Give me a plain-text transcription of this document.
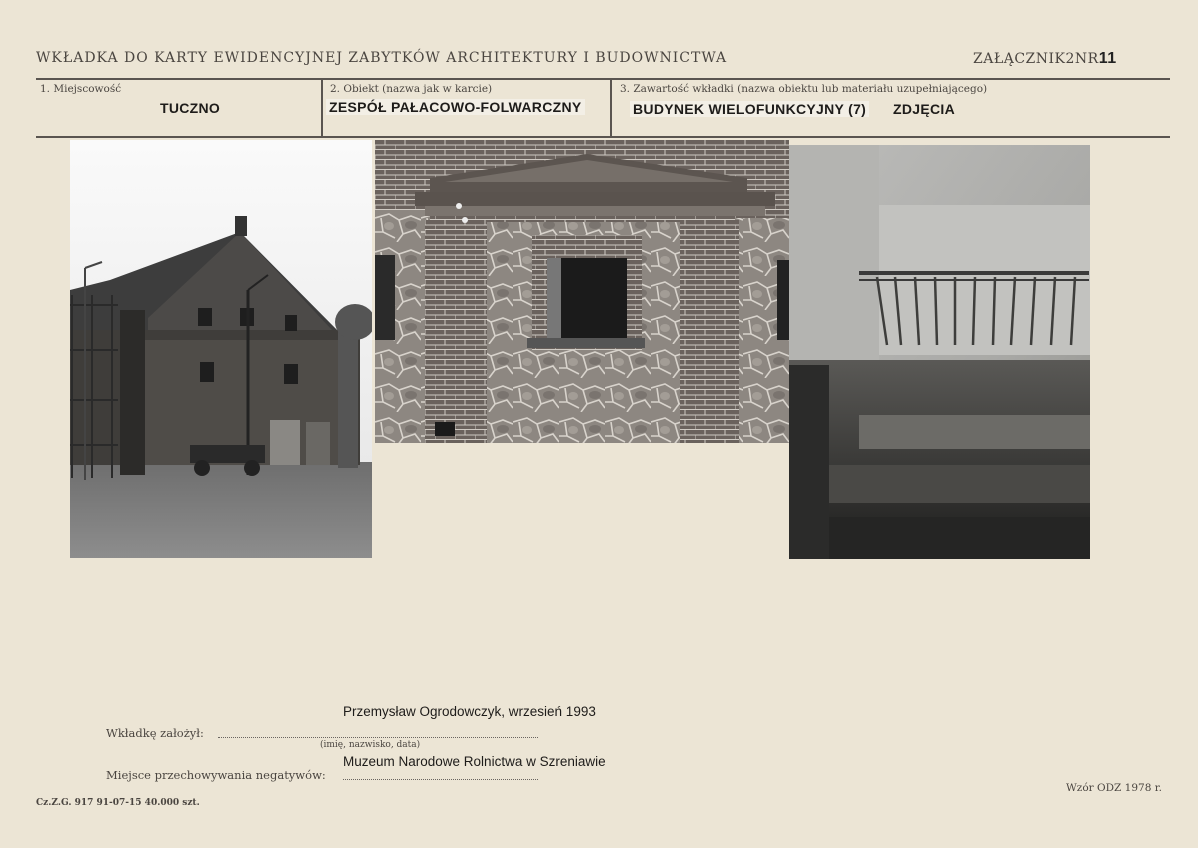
WKŁADKA DO KARTY EWIDENCYJNEJ ZABYTKÓW ARCHITEKTURY I BUDOWNICTWA	ZAŁĄCZNIK2NR11
1. Miejscowość
TUCZNO
2. Obiekt (nazwa jak w karcie)
ZESPÓŁ PAŁACOWO-FOLWARCZNY
3. Zawartość wkładki (nazwa obiektu lub materiału uzupełniającego)
BUDYNEK WIELOFUNKCYJNY (7) ZDJĘCIA
Przemysław Ogrodowczyk, wrzesień 1993
Wkładkę założył:
(imię, nazwisko, data)
Muzeum Narodowe Rolnictwa w Szreniawie
Miejsce przechowywania negatywów:
Cz.Z.G. 917 91-07-15 40.000 szt.
Wzór ODZ 1978 r.
